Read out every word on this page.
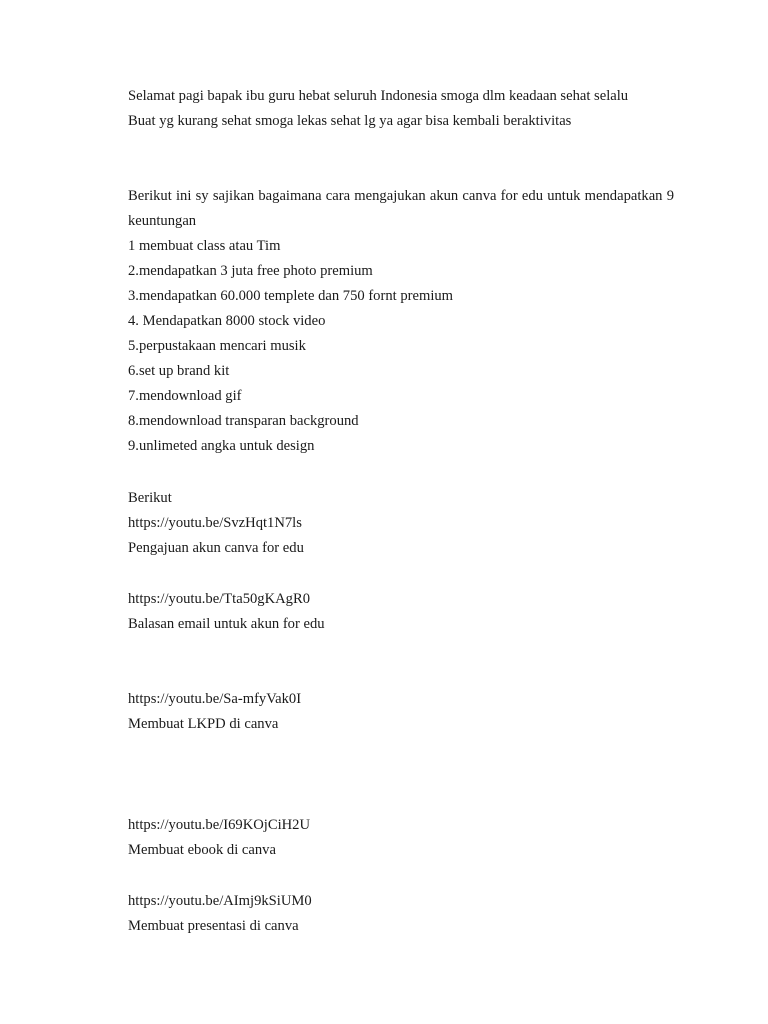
Selamat pagi bapak ibu guru hebat seluruh Indonesia smoga dlm keadaan sehat selalu
Buat yg kurang sehat smoga lekas sehat lg ya agar bisa kembali beraktivitas
Berikut ini sy sajikan bagaimana cara mengajukan akun canva for edu untuk mendapatkan 9 keuntungan
1 membuat class atau Tim
2.mendapatkan 3 juta free photo premium
3.mendapatkan 60.000 templete dan 750 fornt premium
4. Mendapatkan 8000 stock video
5.perpustakaan mencari musik
6.set up brand kit
7.mendownload gif
8.mendownload transparan background
9.unlimeted angka untuk design
Berikut
https://youtu.be/SvzHqt1N7ls
Pengajuan akun canva for edu
https://youtu.be/Tta50gKAgR0
Balasan email untuk akun for edu
https://youtu.be/Sa-mfyVak0I
Membuat LKPD di canva
https://youtu.be/I69KOjCiH2U
Membuat ebook di canva
https://youtu.be/AImj9kSiUM0
Membuat presentasi di canva
